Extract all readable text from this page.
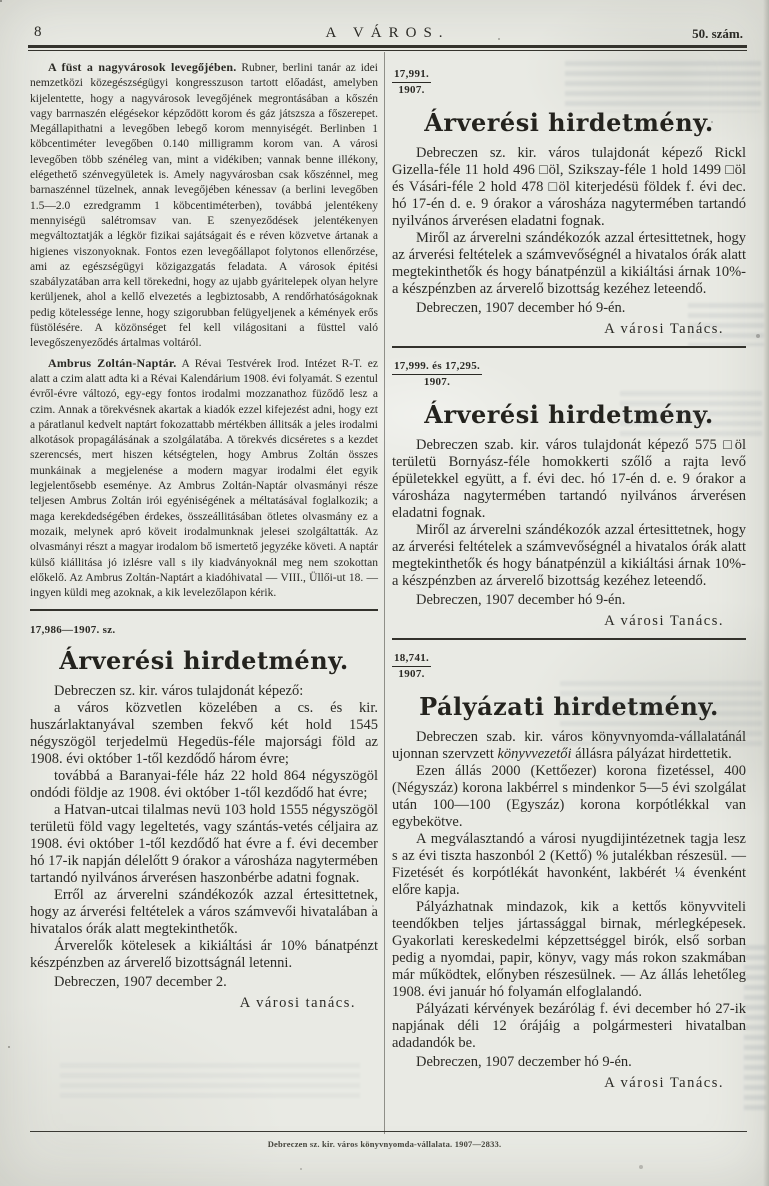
8	A VÁROS.	50. szám.

A füst a nagyvárosok levegőjében. Rubner, berlini tanár az idei nemzetközi közegészségügyi kongresszuson tartott előadást, amelyben kijelentette, hogy a nagyvárosok levegőjének megrontásában a kőszén vagy barrnaszén elégésekor képződött korom és gáz játszsza a főszerepet. Megállapithatni a levegőben lebegő korom mennyiségét. Berlinben 1 köbcentiméter levegőben 0.140 milligramm korom van. A városi levegőben több szénéleg van, mint a vidékiben; vannak benne illékony, elégethető szénvegyületek is. Amely nagyvárosban csak kőszénnel, meg barnaszénnel tüzelnek, annak levegőjében kénessav (a berlini levegőben 1.5—2.0 ezredgramm 1 köbcentiméterben), továbbá jelentékeny mennyiségü salétromsav van. E szenyeződések jelentékenyen megváltoztatják a légkör fizikai sajátságait és e réven közvetve ártanak a higienes viszonyoknak. Fontos ezen levegőállapot folytonos ellenőrzése, ami az egészségügyi közigazgatás feladata. A városok épitési szabályzatában arra kell törekedni, hogy az ujabb gyáritelepek olyan helyre kerüljenek, ahol a kellő elvezetés a legbiztosabb, A rendőrhatóságoknak pedig kötelessége lenne, hogy szigorubban felügyeljenek a kémények erős füstölésére. A közönséget fel kell világositani a füsttel való levegőszenyeződés ártalmas voltáról.

Ambrus Zoltán-Naptár. A Révai Testvérek Irod. Intézet R-T. ez alatt a czim alatt adta ki a Révai Kalendárium 1908. évi folyamát. S ezentul évről-évre változó, egy-egy fontos irodalmi mozzanathoz füződő lesz a czim. Annak a törekvésnek akartak a kiadók ezzel kifejezést adni, hogy ezt a páratlanul kedvelt naptárt fokozattabb mértékben állitsák a jeles irodalmi alkotások propagálásának a szolgálatába. A törekvés dicséretes s a kezdet szerencsés, mert hiszen kétségtelen, hogy Ambrus Zoltán összes munkáinak a megjelenése a modern magyar irodalmi élet egyik legjelentősebb eseménye. Az Ambrus Zoltán-Naptár olvasmányi része teljesen Ambrus Zoltán irói egyéniségének a méltatásával foglalkozik; a maga kerekdedségében érdekes, összeállitásában ötletes olvasmány ez a mozaik, melynek apró köveit irodalmunknak jelesei szolgáltatták. Az olvasmányi részt a magyar irodalom bő ismertető jegyzéke követi. A naptár külső kiállitása jó izlésre vall s ily kiadványoknál meg nem szokottan előkelő. Az Ambrus Zoltán-Naptárt a kiadóhivatal — VIII., Üllői-ut 18. — ingyen küldi meg azoknak, a kik levelezőlapon kérik.

17,986—1907. sz.
Árverési hirdetmény.

Debreczen sz. kir. város tulajdonát képező:

a város közvetlen közelében a cs. és kir. huszárlaktanyával szemben fekvő két hold 1545 négyszögöl terjedelmü Hegedüs-féle majorsági föld az 1908. évi október 1-től kezdődő három évre;

továbbá a Baranyai-féle ház 22 hold 864 négyszögöl ondódi földje az 1908. évi október 1-től kezdődő hat évre;

a Hatvan-utcai tilalmas nevü 103 hold 1555 négyszögöl területü föld vagy legeltetés, vagy szántás-vetés céljaira az 1908. évi október 1-től kezdődő hat évre a f. évi december hó 17-ik napján délelőtt 9 órakor a városháza nagytermében tartandó nyilvános árverésen haszonbérbe adatni fognak.

Erről az árverelni szándékozók azzal értesittetnek, hogy az árverési feltételek a város számvevői hivatalában a hivatalos órák alatt megtekinthetők.

Árverelők kötelesek a kikiáltási ár 10% bánatpénzt készpénzben az árverelő bizottságnál letenni.

Debreczen, 1907 december 2.

A városi tanács.

$\frac{17,991.}{1907.}$
Árverési hirdetmény.

Debreczen sz. kir. város tulajdonát képező Rickl Gizella-féle 11 hold 496 □öl, Szikszay-féle 1 hold 1499 □öl és Vásári-féle 2 hold 478 □öl kiterjedésü földek f. évi dec. hó 17-én d. e. 9 órakor a városháza nagytermében tartandó nyilvános árverésen eladatni fognak.

Miről az árverelni szándékozók azzal értesittetnek, hogy az árverési feltételek a számvevőségnél a hivatalos órák alatt megtekinthetők és hogy bánatpénzül a kikiáltási árnak 10%-a készpénzben az árverelő bizottság kezéhez leteendő.

Debreczen, 1907 december hó 9-én.

A városi Tanács.

$\frac{17,999. és 17,295.}{1907.}$
Árverési hirdetmény.

Debreczen szab. kir. város tulajdonát képező 575 □öl területü Bornyász-féle homokkerti szőlő a rajta levő épületekkel együtt, a f. évi dec. hó 17-én d. e. 9 órakor a városháza nagytermében tartandó nyilvános árverésen eladatni fognak.

Miről az árverelni szándékozók azzal értesittetnek, hogy az árverési feltételek a számvevőségnél a hivatalos órák alatt megtekinthetők és hogy bánatpénzül a kikiáltási árnak 10%-a készpénzben az árverelő bizottság kezéhez leteendő.

Debreczen, 1907 december hó 9-én.

A városi Tanács.

$\frac{18,741.}{1907.}$
Pályázati hirdetmény.

Debreczen szab. kir. város könyvnyomda-vállalatánál ujonnan szervzett könyvvezetői állásra pályázat hirdettetik.

Ezen állás 2000 (Kettőezer) korona fizetéssel, 400 (Négyszáz) korona lakbérrel s mindenkor 5—5 évi szolgálat után 100—100 (Egyszáz) korona korpótlékkal van egybekötve.

A megválasztandó a városi nyugdijintézetnek tagja lesz s az évi tiszta haszonból 2 (Kettő) % jutalékban részesül. — Fizetését és korpótlékát havonként, lakbérét ¼ évenként előre kapja.

Pályázhatnak mindazok, kik a kettős könyvviteli teendőkben teljes jártassággal birnak, mérlegképesek. Gyakorlati kereskedelmi képzettséggel birók, első sorban pedig a nyomdai, papir, könyv, vagy más rokon szakmában már működtek, előnyben részesülnek. — Az állás lehetőleg 1908. évi január hó folyamán elfoglalandó.

Pályázati kérvények bezárólag f. évi december hó 27-ik napjának déli 12 órájáig a polgármesteri hivatalban adadandók be.

Debreczen, 1907 deczember hó 9-én.

A városi Tanács.

Debreczen sz. kir. város könyvnyomda-vállalata. 1907—2833.
